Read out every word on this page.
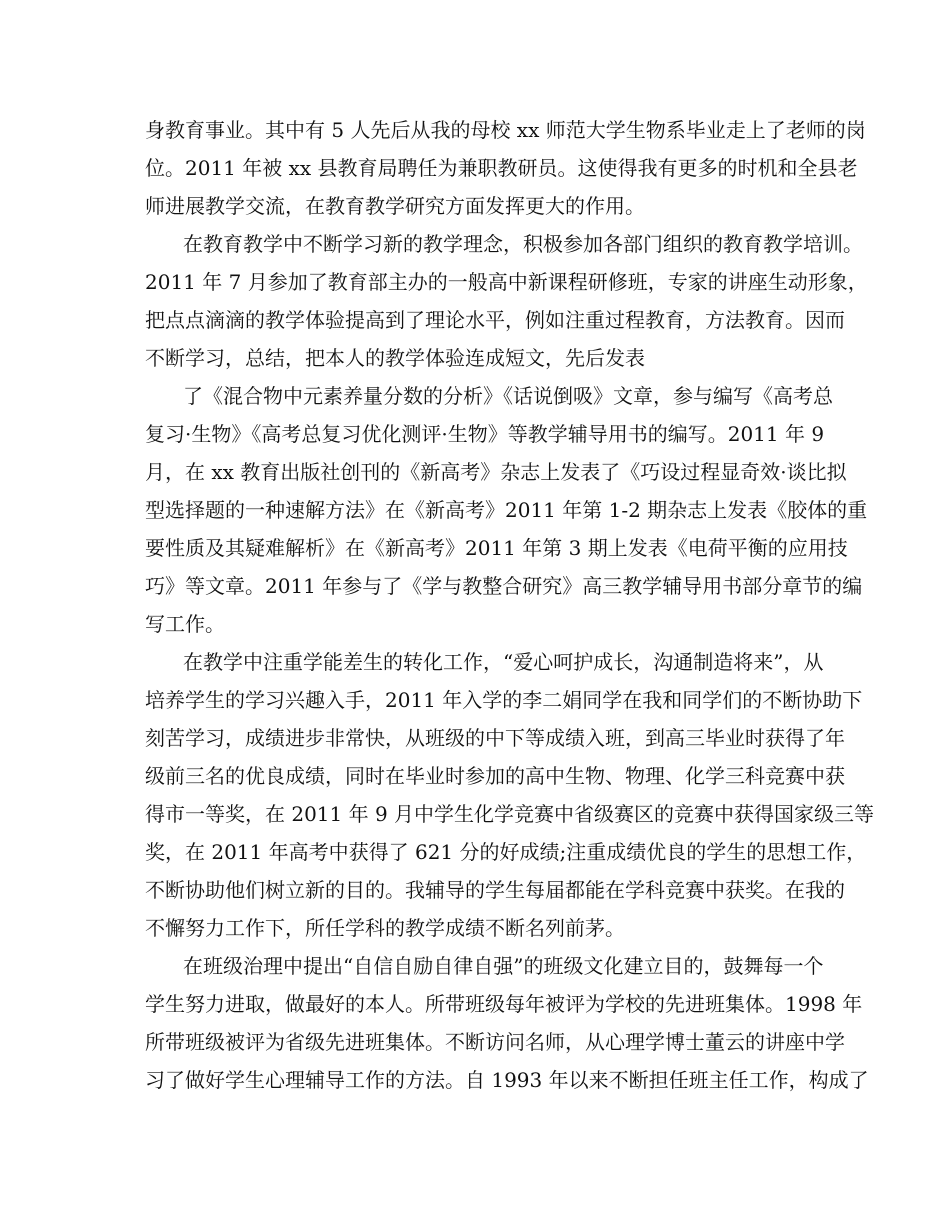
身教育事业。其中有 5 人先后从我的母校 xx 师范大学生物系毕业走上了老师的岗
位。2011 年被 xx 县教育局聘任为兼职教研员。这使得我有更多的时机和全县老
师进展教学交流，在教育教学研究方面发挥更大的作用。
在教育教学中不断学习新的教学理念，积极参加各部门组织的教育教学培训。
2011 年 7 月参加了教育部主办的一般高中新课程研修班，专家的讲座生动形象，
把点点滴滴的教学体验提高到了理论水平，例如注重过程教育，方法教育。因而
不断学习，总结，把本人的教学体验连成短文，先后发表
了《混合物中元素养量分数的分析》《话说倒吸》文章，参与编写《高考总
复习·生物》《高考总复习优化测评·生物》等教学辅导用书的编写。2011 年 9
月，在 xx 教育出版社创刊的《新高考》杂志上发表了《巧设过程显奇效·谈比拟
型选择题的一种速解方法》在《新高考》2011 年第 1-2 期杂志上发表《胶体的重
要性质及其疑难解析》在《新高考》2011 年第 3 期上发表《电荷平衡的应用技
巧》等文章。2011 年参与了《学与教整合研究》高三教学辅导用书部分章节的编
写工作。
在教学中注重学能差生的转化工作，“爱心呵护成长，沟通制造将来”，从
培养学生的学习兴趣入手，2011 年入学的李二娟同学在我和同学们的不断协助下
刻苦学习，成绩进步非常快，从班级的中下等成绩入班，到高三毕业时获得了年
级前三名的优良成绩，同时在毕业时参加的高中生物、物理、化学三科竞赛中获
得市一等奖，在 2011 年 9 月中学生化学竞赛中省级赛区的竞赛中获得国家级三等
奖，在 2011 年高考中获得了 621 分的好成绩;注重成绩优良的学生的思想工作，
不断协助他们树立新的目的。我辅导的学生每届都能在学科竞赛中获奖。在我的
不懈努力工作下，所任学科的教学成绩不断名列前茅。
在班级治理中提出“自信自励自律自强”的班级文化建立目的，鼓舞每一个
学生努力进取，做最好的本人。所带班级每年被评为学校的先进班集体。1998 年
所带班级被评为省级先进班集体。不断访问名师，从心理学博士董云的讲座中学
习了做好学生心理辅导工作的方法。自 1993 年以来不断担任班主任工作，构成了
